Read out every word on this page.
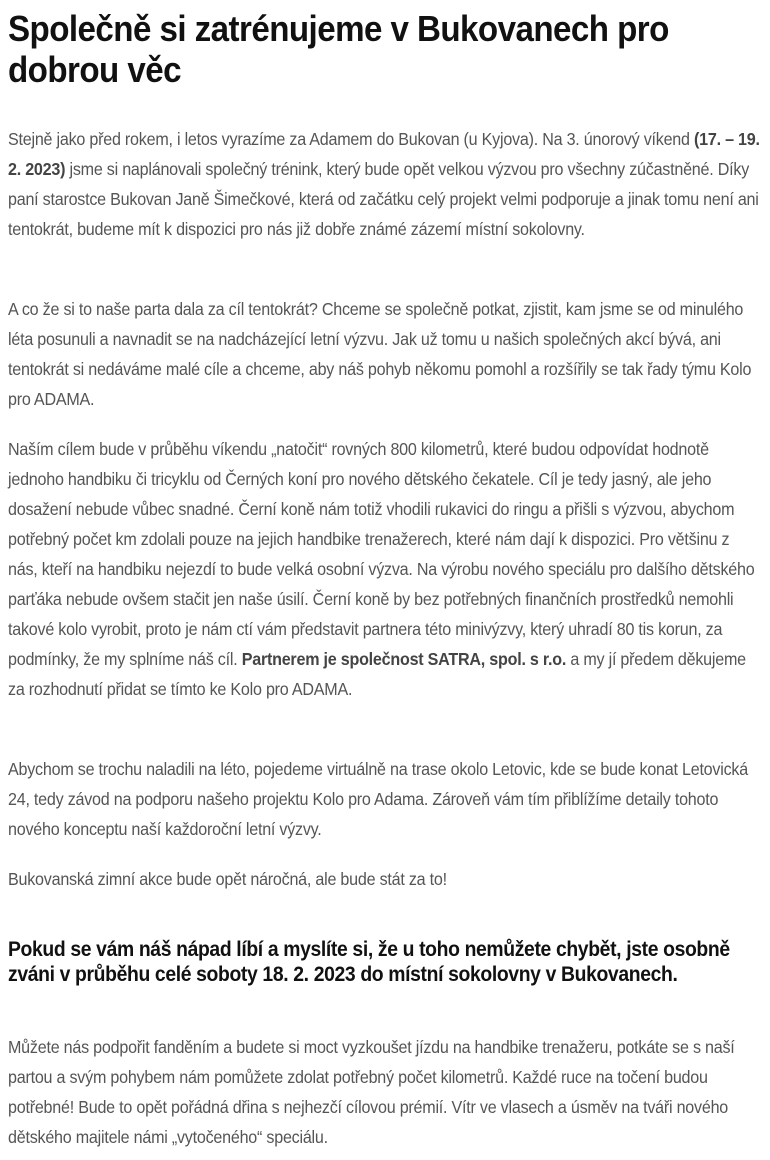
Společně si zatrénujeme v Bukovanech pro dobrou věc

Stejně jako před rokem, i letos vyrazíme za Adamem do Bukovan (u Kyjova). Na 3. únorový víkend (17. – 19. 2. 2023) jsme si naplánovali společný trénink, který bude opět velkou výzvou pro všechny zúčastněné. Díky paní starostce Bukovan Janě Šimečkové, která od začátku celý projekt velmi podporuje a jinak tomu není ani tentokrát, budeme mít k dispozici pro nás již dobře známé zázemí místní sokolovny.

A co že si to naše parta dala za cíl tentokrát? Chceme se společně potkat, zjistit, kam jsme se od minulého léta posunuli a navnadit se na nadcházející letní výzvu. Jak už tomu u našich společných akcí bývá, ani tentokrát si nedáváme malé cíle a chceme, aby náš pohyb někomu pomohl a rozšířily se tak řady týmu Kolo pro ADAMA.

Naším cílem bude v průběhu víkendu „natočit“ rovných 800 kilometrů, které budou odpovídat hodnotě jednoho handbiku či tricyklu od Černých koní pro nového dětského čekatele. Cíl je tedy jasný, ale jeho dosažení nebude vůbec snadné. Černí koně nám totiž vhodili rukavici do ringu a přišli s výzvou, abychom potřebný počet km zdolali pouze na jejich handbike trenažerech, které nám dají k dispozici. Pro většinu z nás, kteří na handbiku nejezdí to bude velká osobní výzva. Na výrobu nového speciálu pro dalšího dětského parťáka nebude ovšem stačit jen naše úsilí. Černí koně by bez potřebných finančních prostředků nemohli takové kolo vyrobit, proto je nám ctí vám představit partnera této minivýzvy, který uhradí 80 tis korun, za podmínky, že my splníme náš cíl. Partnerem je společnost SATRA, spol. s r.o. a my jí předem děkujeme za rozhodnutí přidat se tímto ke Kolo pro ADAMA.

Abychom se trochu naladili na léto, pojedeme virtuálně na trase okolo Letovic, kde se bude konat Letovická 24, tedy závod na podporu našeho projektu Kolo pro Adama. Zároveň vám tím přiblížíme detaily tohoto nového konceptu naší každoroční letní výzvy.

Bukovanská zimní akce bude opět náročná, ale bude stát za to!

Pokud se vám náš nápad líbí a myslíte si, že u toho nemůžete chybět, jste osobně zváni v průběhu celé soboty 18. 2. 2023 do místní sokolovny v Bukovanech.

Můžete nás podpořit fanděním a budete si moct vyzkoušet jízdu na handbike trenažeru, potkáte se s naší partou a svým pohybem nám pomůžete zdolat potřebný počet kilometrů. Každé ruce na točení budou potřebné! Bude to opět pořádná dřina s nejhezčí cílovou prémií. Vítr ve vlasech a úsměv na tváři nového dětského majitele námi „vytočeného“ speciálu.
